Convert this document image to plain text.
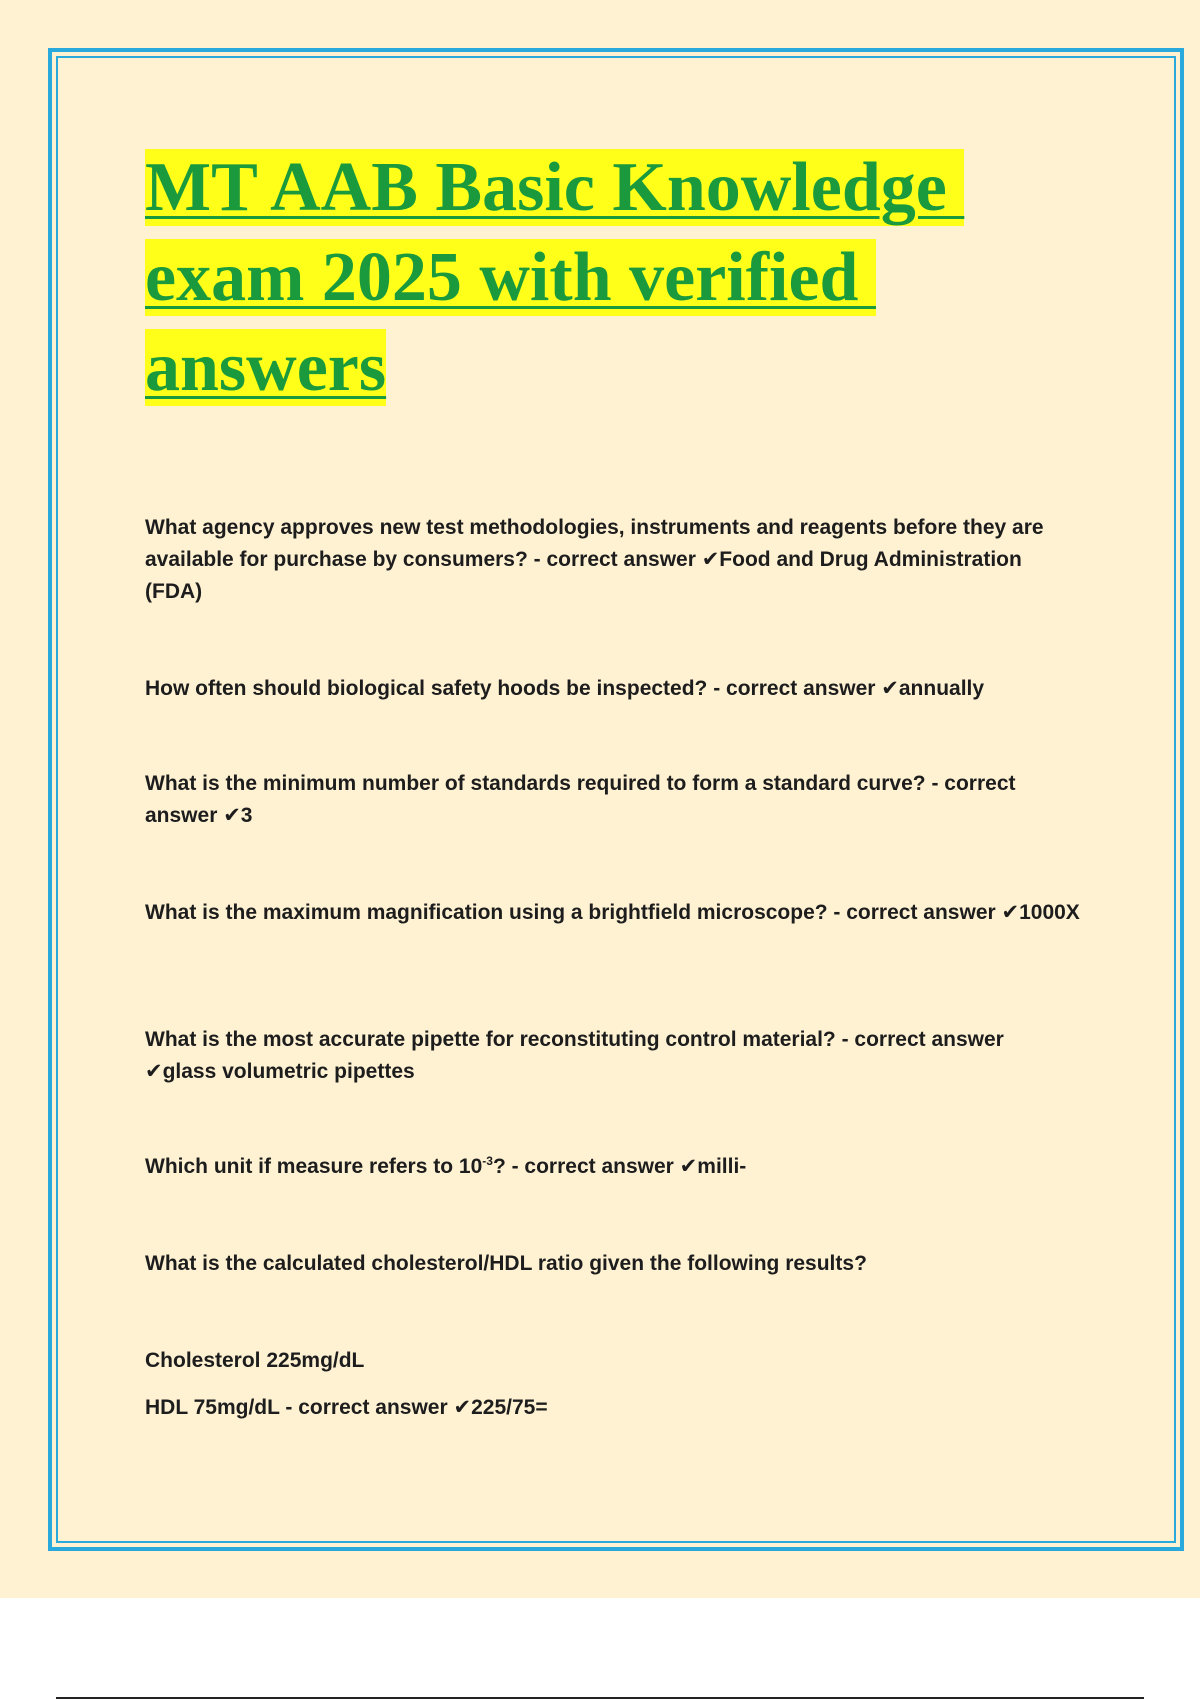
MT AAB Basic Knowledge
exam 2025 with verified
answers

What agency approves new test methodologies, instruments and reagents before they are available for purchase by consumers? - correct answer ✔Food and Drug Administration (FDA)

How often should biological safety hoods be inspected? - correct answer ✔annually

What is the minimum number of standards required to form a standard curve? - correct answer ✔3

What is the maximum magnification using a brightfield microscope? - correct answer ✔1000X

What is the most accurate pipette for reconstituting control material? - correct answer ✔glass volumetric pipettes

Which unit if measure refers to $10^{-3}$? - correct answer ✔milli-

What is the calculated cholesterol/HDL ratio given the following results?

Cholesterol 225mg/dL

HDL 75mg/dL - correct answer ✔225/75=
